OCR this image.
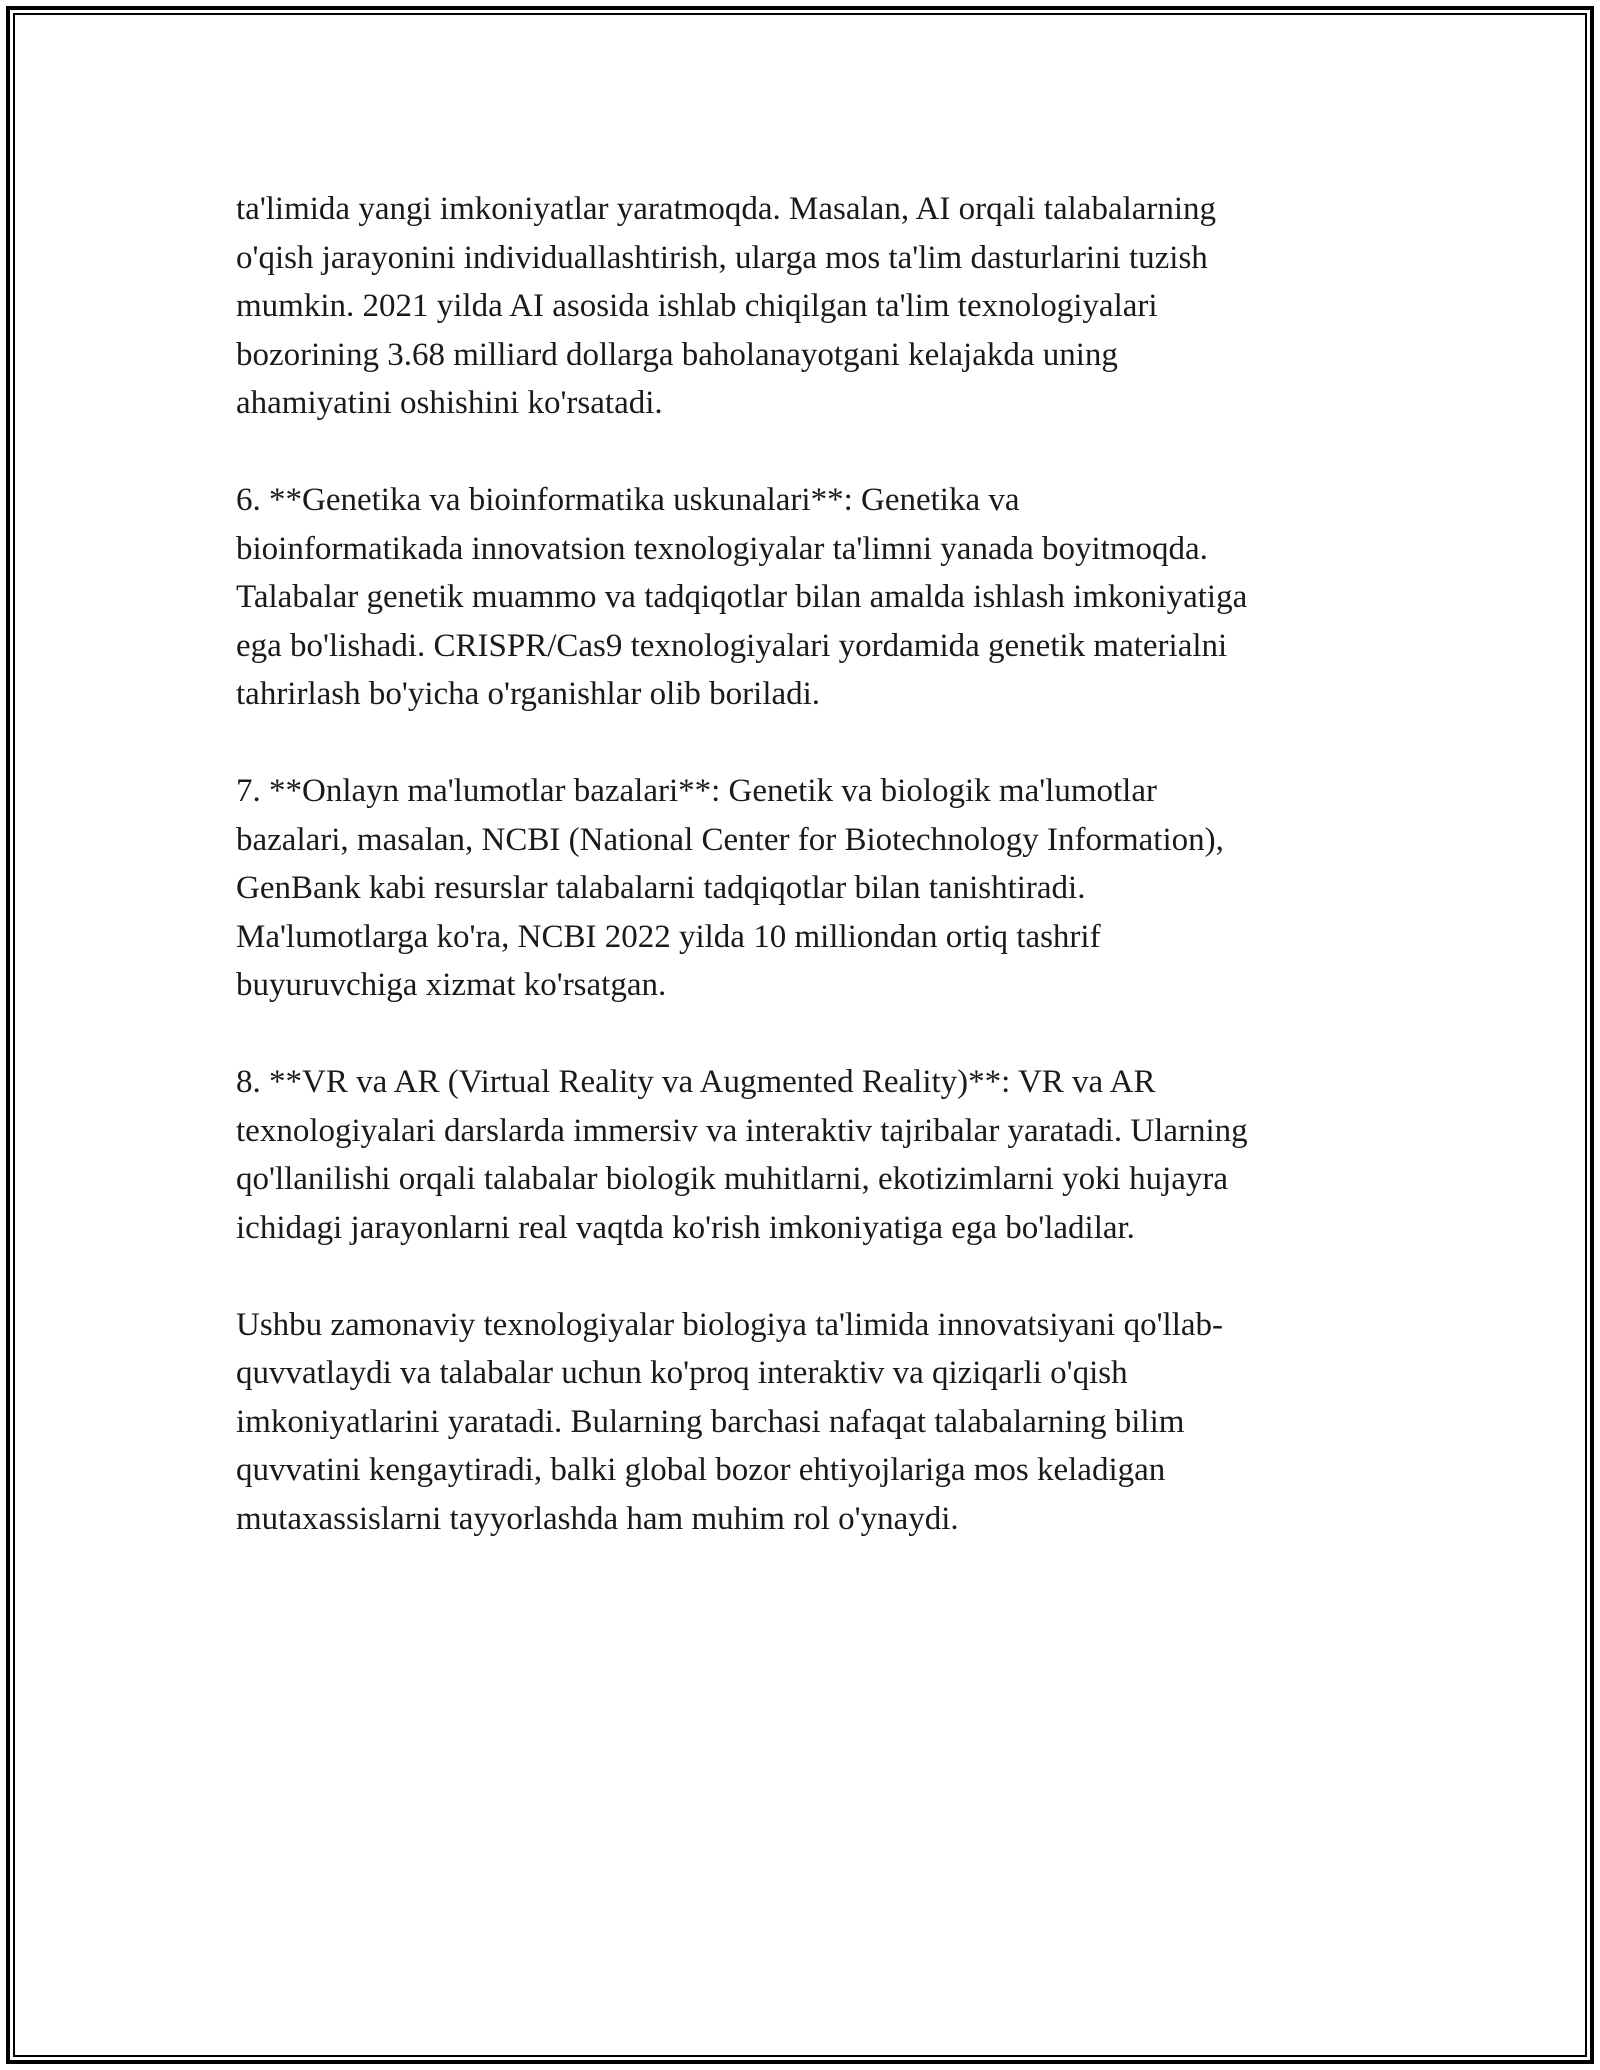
ta'limida yangi imkoniyatlar yaratmoqda. Masalan, AI orqali talabalarning
o'qish jarayonini individuallashtirish, ularga mos ta'lim dasturlarini tuzish
mumkin. 2021 yilda AI asosida ishlab chiqilgan ta'lim texnologiyalari
bozorining 3.68 milliard dollarga baholanayotgani kelajakda uning
ahamiyatini oshishini ko'rsatadi.

6. **Genetika va bioinformatika uskunalari**: Genetika va
bioinformatikada innovatsion texnologiyalar ta'limni yanada boyitmoqda.
Talabalar genetik muammo va tadqiqotlar bilan amalda ishlash imkoniyatiga
ega bo'lishadi. CRISPR/Cas9 texnologiyalari yordamida genetik materialni
tahrirlash bo'yicha o'rganishlar olib boriladi.

7. **Onlayn ma'lumotlar bazalari**: Genetik va biologik ma'lumotlar
bazalari, masalan, NCBI (National Center for Biotechnology Information),
GenBank kabi resurslar talabalarni tadqiqotlar bilan tanishtiradi.
Ma'lumotlarga ko'ra, NCBI 2022 yilda 10 milliondan ortiq tashrif
buyuruvchiga xizmat ko'rsatgan.

8. **VR va AR (Virtual Reality va Augmented Reality)**: VR va AR
texnologiyalari darslarda immersiv va interaktiv tajribalar yaratadi. Ularning
qo'llanilishi orqali talabalar biologik muhitlarni, ekotizimlarni yoki hujayra
ichidagi jarayonlarni real vaqtda ko'rish imkoniyatiga ega bo'ladilar.

Ushbu zamonaviy texnologiyalar biologiya ta'limida innovatsiyani qo'llab-
quvvatlaydi va talabalar uchun ko'proq interaktiv va qiziqarli o'qish
imkoniyatlarini yaratadi. Bularning barchasi nafaqat talabalarning bilim
quvvatini kengaytiradi, balki global bozor ehtiyojlariga mos keladigan
mutaxassislarni tayyorlashda ham muhim rol o'ynaydi.
